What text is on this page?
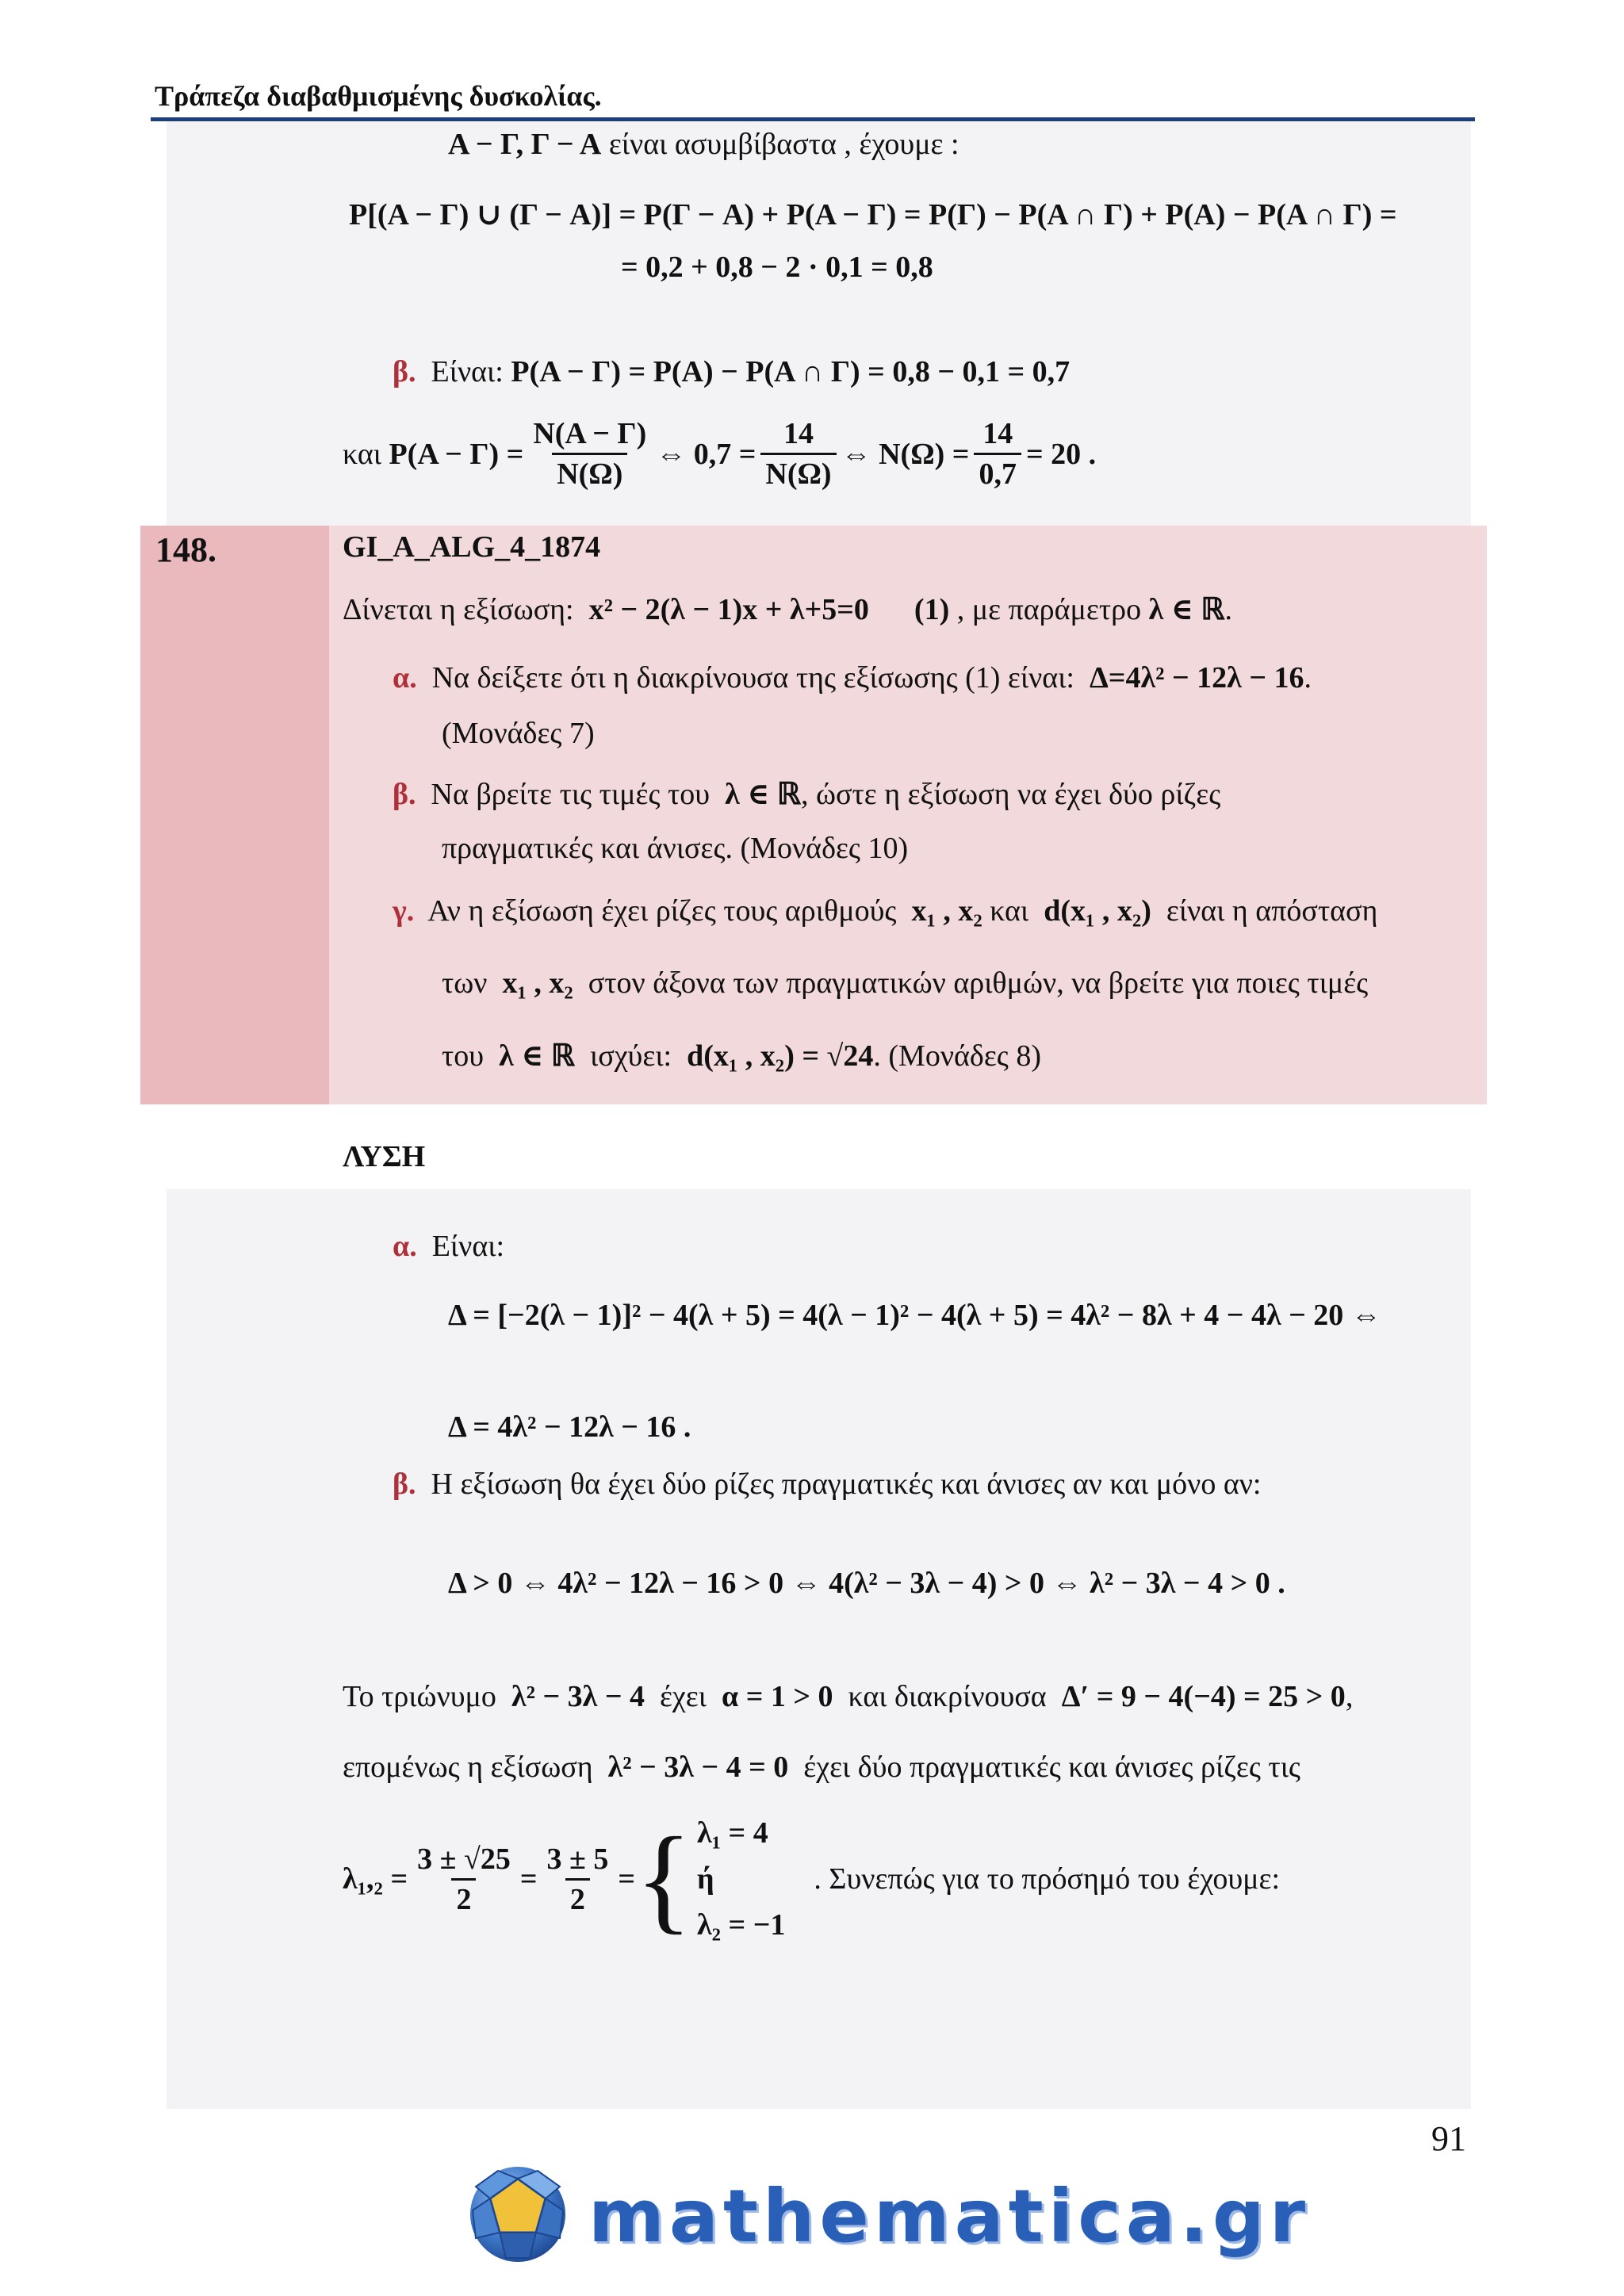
Τράπεζα διαβαθμισμένης δυσκολίας.
Α − Γ, Γ − Α είναι ασυμβίβαστα , έχουμε :
P[(A − Γ) ∪ (Γ − A)] = P(Γ − A) + P(A − Γ) = P(Γ) − P(A ∩ Γ) + P(A) − P(A ∩ Γ) =
= 0,2 + 0,8 − 2 · 0,1 = 0,8
β. Είναι: P(A − Γ) = P(A) − P(A ∩ Γ) = 0,8 − 0,1 = 0,7
και
$P(A - \Gamma) = \frac{N(A - \Gamma)}{N(\Omega)}$ ⇔ $0,7 = \frac{14}{N(\Omega)}$ ⇔ $N(\Omega) = \frac{14}{0,7} = 20$ .
148.	GI_A_ALG_4_1874
Δίνεται η εξίσωση: x² − 2(λ − 1)x + λ+5=0 (1) , με παράμετρο λ ∈ ℝ.
α. Να δείξετε ότι η διακρίνουσα της εξίσωσης (1) είναι: Δ=4λ² − 12λ − 16.
(Μονάδες 7)
β. Να βρείτε τις τιμές του λ ∈ ℝ, ώστε η εξίσωση να έχει δύο ρίζες
πραγματικές και άνισες. (Μονάδες 10)
γ. Αν η εξίσωση έχει ρίζες τους αριθμούς x₁ , x₂ και d(x₁ , x₂) είναι η απόσταση
των x₁ , x₂ στον άξονα των πραγματικών αριθμών, να βρείτε για ποιες τιμές
του λ ∈ ℝ ισχύει: d(x₁ , x₂) = √24. (Μονάδες 8)
ΛΥΣΗ
α. Είναι:
Δ = [−2(λ − 1)]² − 4(λ + 5) = 4(λ − 1)² − 4(λ + 5) = 4λ² − 8λ + 4 − 4λ − 20 ⇔
Δ = 4λ² − 12λ − 16 .
β. Η εξίσωση θα έχει δύο ρίζες πραγματικές και άνισες αν και μόνο αν:
Δ > 0 ⇔ 4λ² − 12λ − 16 > 0 ⇔ 4(λ² − 3λ − 4) > 0 ⇔ λ² − 3λ − 4 > 0 .
Το τριώνυμο λ² − 3λ − 4 έχει α = 1 > 0 και διακρίνουσα Δ′ = 9 − 4(−4) = 25 > 0,
επομένως η εξίσωση λ² − 3λ − 4 = 0 έχει δύο πραγματικές και άνισες ρίζες τις
$\lambda_1,_2 = \frac{3 \pm √25}{2} = \frac{3 \pm 5}{2}$ = { λ₁ = 4
ή
λ₂ = −1
. Συνεπώς για το πρόσημό του έχουμε:
91
mathematica.gr
